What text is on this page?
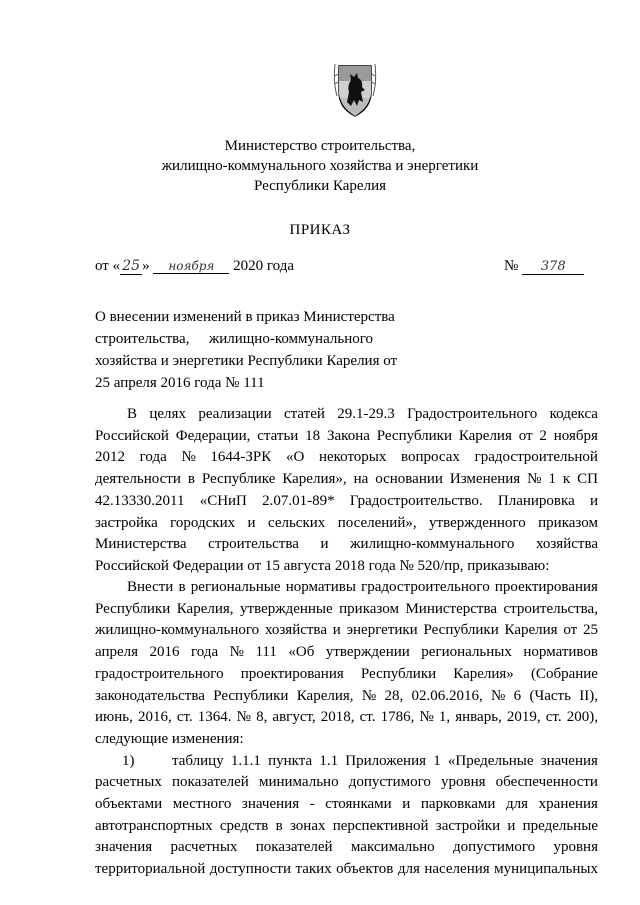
Министерство строительства,
жилищно-коммунального хозяйства и энергетики
Республики Карелия
ПРИКАЗ
от « 25 » ноября 2020 года	№ 378
О внесении изменений в приказ Министерства
строительства, жилищно-коммунального
хозяйства и энергетики Республики Карелия от
25 апреля 2016 года № 111
В целях реализации статей 29.1-29.3 Градостроительного кодекса
Российской Федерации, статьи 18 Закона Республики Карелия от 2 ноября
2012 года № 1644-ЗРК «О некоторых вопросах градостроительной
деятельности в Республике Карелия», на основании Изменения № 1 к СП
42.13330.2011 «СНиП 2.07.01-89* Градостроительство. Планировка и
застройка городских и сельских поселений», утвержденного приказом
Министерства строительства и жилищно-коммунального хозяйства
Российской Федерации от 15 августа 2018 года № 520/пр, приказываю:
Внести в региональные нормативы градостроительного проектирования
Республики Карелия, утвержденные приказом Министерства строительства,
жилищно-коммунального хозяйства и энергетики Республики Карелия от 25
апреля 2016 года № 111 «Об утверждении региональных нормативов
градостроительного проектирования Республики Карелия» (Собрание
законодательства Республики Карелия, № 28, 02.06.2016, № 6 (Часть II),
июнь, 2016, ст. 1364. № 8, август, 2018, ст. 1786, № 1, январь, 2019, ст. 200),
следующие изменения:
1)	таблицу 1.1.1 пункта 1.1 Приложения 1 «Предельные значения
расчетных показателей минимально допустимого уровня обеспеченности
объектами местного значения - стоянками и парковками для хранения
автотранспортных средств в зонах перспективной застройки и предельные
значения расчетных показателей максимально допустимого уровня
территориальной доступности таких объектов для населения муниципальных
